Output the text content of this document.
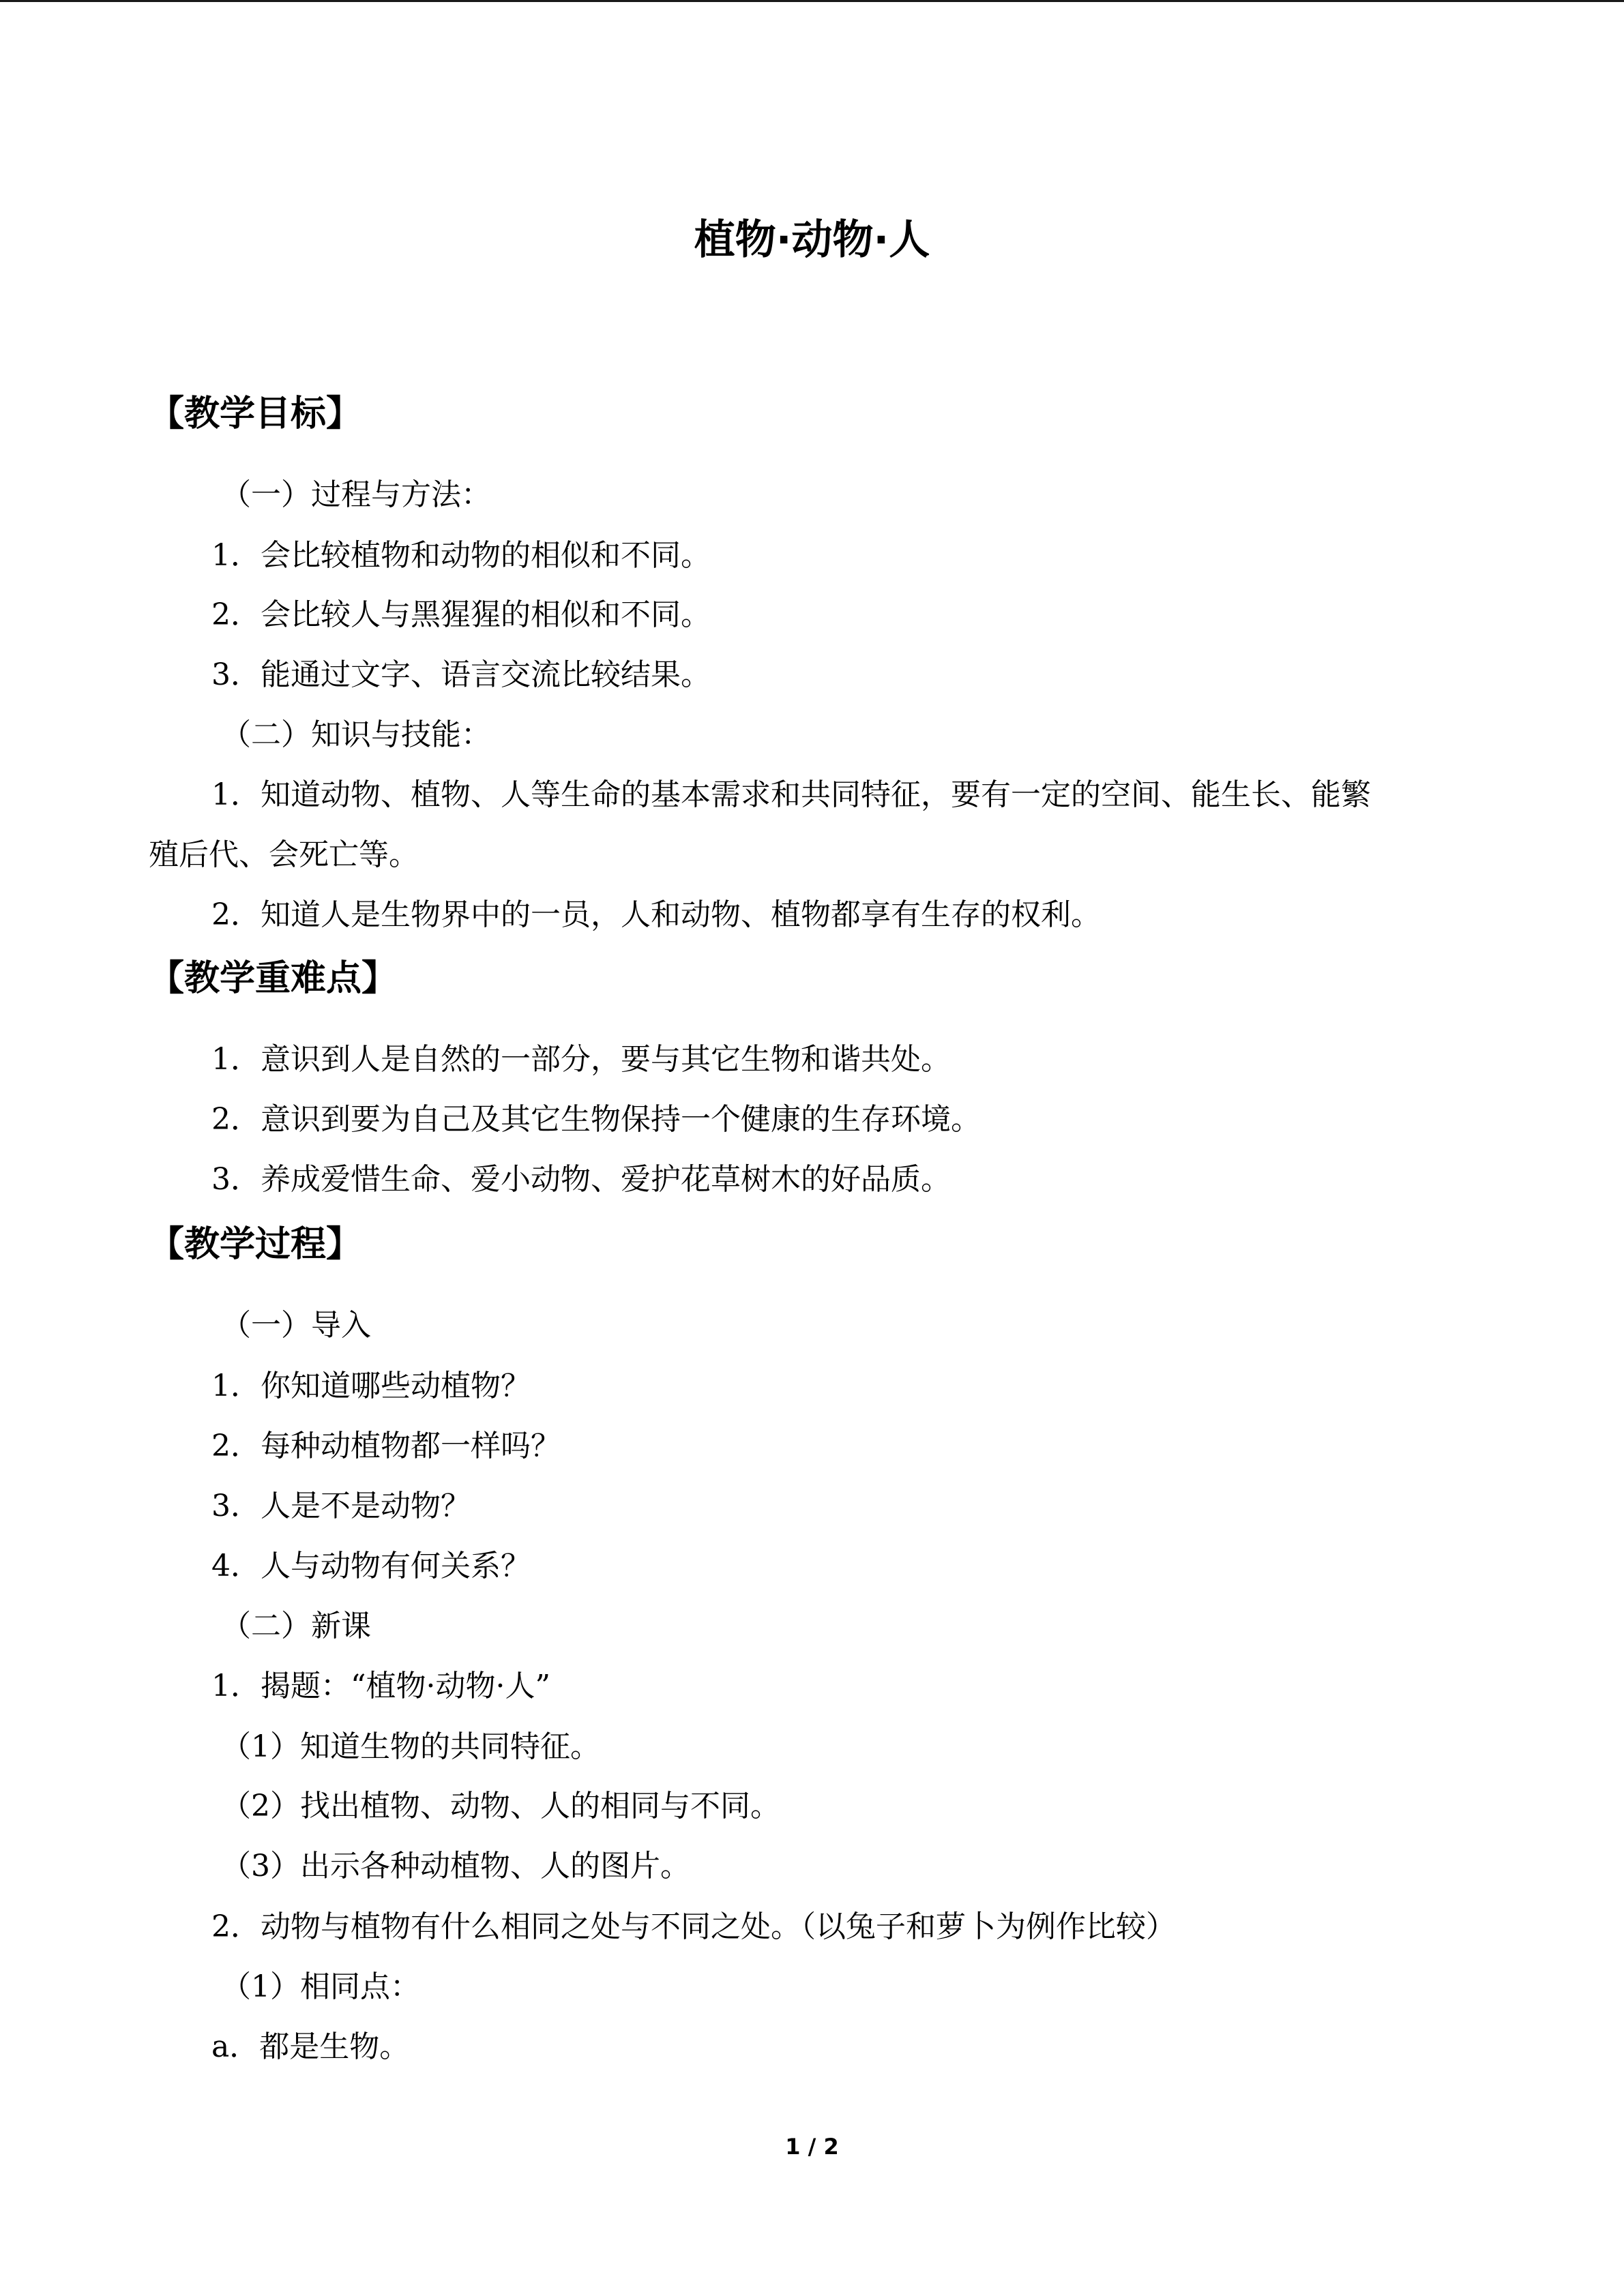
植物·动物·人
【教学目标】
（一）过程与方法：
1．会比较植物和动物的相似和不同。
2．会比较人与黑猩猩的相似和不同。
3．能通过文字、语言交流比较结果。
（二）知识与技能：
1．知道动物、植物、人等生命的基本需求和共同特征，要有一定的空间、能生长、能繁
殖后代、会死亡等。
2．知道人是生物界中的一员，人和动物、植物都享有生存的权利。
【教学重难点】
1．意识到人是自然的一部分，要与其它生物和谐共处。
2．意识到要为自己及其它生物保持一个健康的生存环境。
3．养成爱惜生命、爱小动物、爱护花草树木的好品质。
【教学过程】
（一）导入
1．你知道哪些动植物？
2．每种动植物都一样吗？
3．人是不是动物？
4．人与动物有何关系？
（二）新课
1．揭题：“植物·动物·人”
（1）知道生物的共同特征。
（2）找出植物、动物、人的相同与不同。
（3）出示各种动植物、人的图片。
2．动物与植物有什么相同之处与不同之处。（以兔子和萝卜为例作比较）
（1）相同点：
a．都是生物。
1 / 2
